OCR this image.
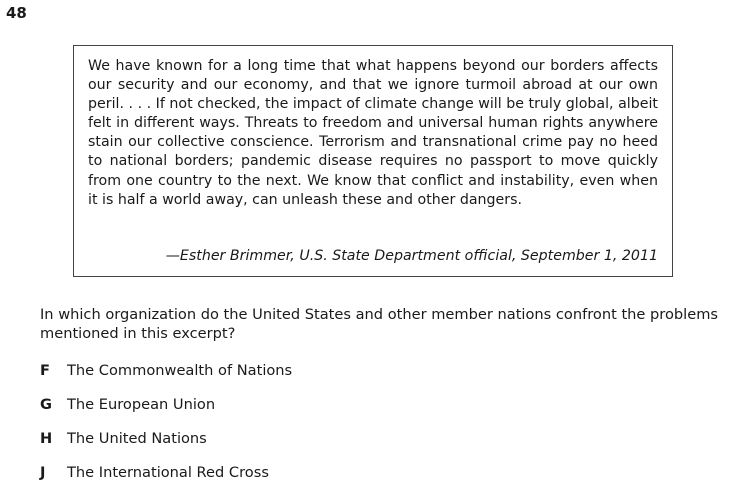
48

We have known for a long time that what happens beyond our borders affects our security and our economy, and that we ignore turmoil abroad at our own peril. . . . If not checked, the impact of climate change will be truly global, albeit felt in different ways. Threats to freedom and universal human rights anywhere stain our collective conscience. Terrorism and transnational crime pay no heed to national borders; pandemic disease requires no passport to move quickly from one country to the next. We know that conflict and instability, even when it is half a world away, can unleash these and other dangers.

—Esther Brimmer, U.S. State Department official, September 1, 2011

In which organization do the United States and other member nations confront the problems mentioned in this excerpt?

F	The Commonwealth of Nations
G	The European Union
H	The United Nations
J	The International Red Cross
